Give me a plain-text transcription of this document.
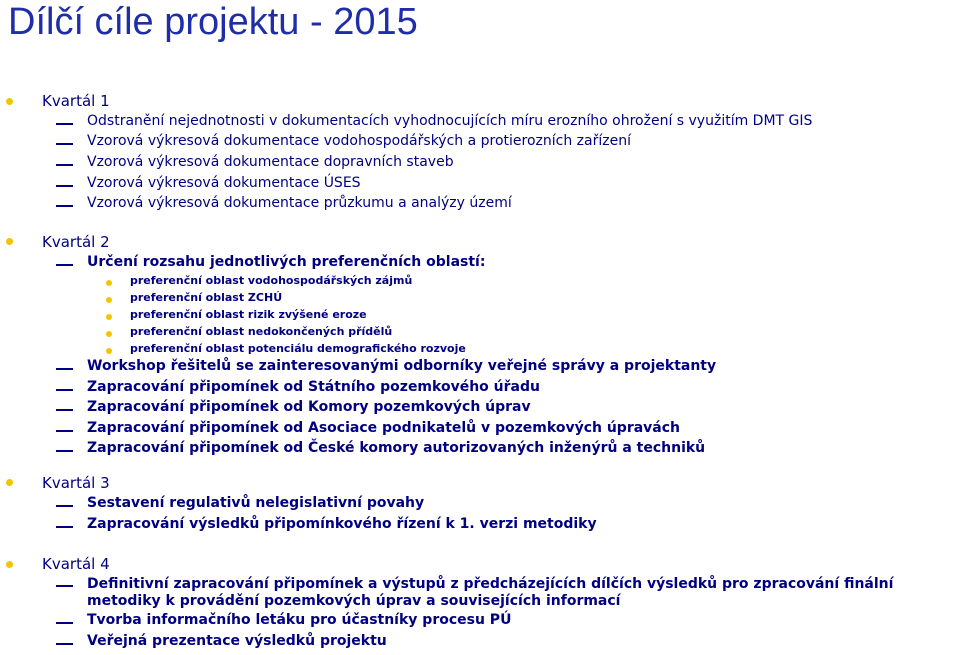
Dílčí cíle projektu - 2015
Kvartál 1
Odstranění nejednotnosti v dokumentacích vyhodnocujících míru erozního ohrožení s využitím DMT GIS
Vzorová výkresová dokumentace vodohospodářských a protierozních zařízení
Vzorová výkresová dokumentace dopravních staveb
Vzorová výkresová dokumentace ÚSES
Vzorová výkresová dokumentace průzkumu a analýzy území
Kvartál 2
Určení rozsahu jednotlivých preferenčních oblastí:
preferenční oblast vodohospodářských zájmů
preferenční oblast ZCHÚ
preferenční oblast rizik zvýšené eroze
preferenční oblast nedokončených přídělů
preferenční oblast potenciálu demografického rozvoje
Workshop řešitelů se zainteresovanými odborníky veřejné správy a projektanty
Zapracování připomínek od Státního pozemkového úřadu
Zapracování připomínek od Komory pozemkových úprav
Zapracování připomínek od Asociace podnikatelů v pozemkových úpravách
Zapracování připomínek od České komory autorizovaných inženýrů a techniků
Kvartál 3
Sestavení regulativů nelegislativní povahy
Zapracování výsledků připomínkového řízení k 1. verzi metodiky
Kvartál 4
Definitivní zapracování připomínek a výstupů z předcházejících dílčích výsledků pro zpracování finální metodiky k provádění pozemkových úprav a souvisejících informací
Tvorba informačního letáku pro účastníky procesu PÚ
Veřejná prezentace výsledků projektu
